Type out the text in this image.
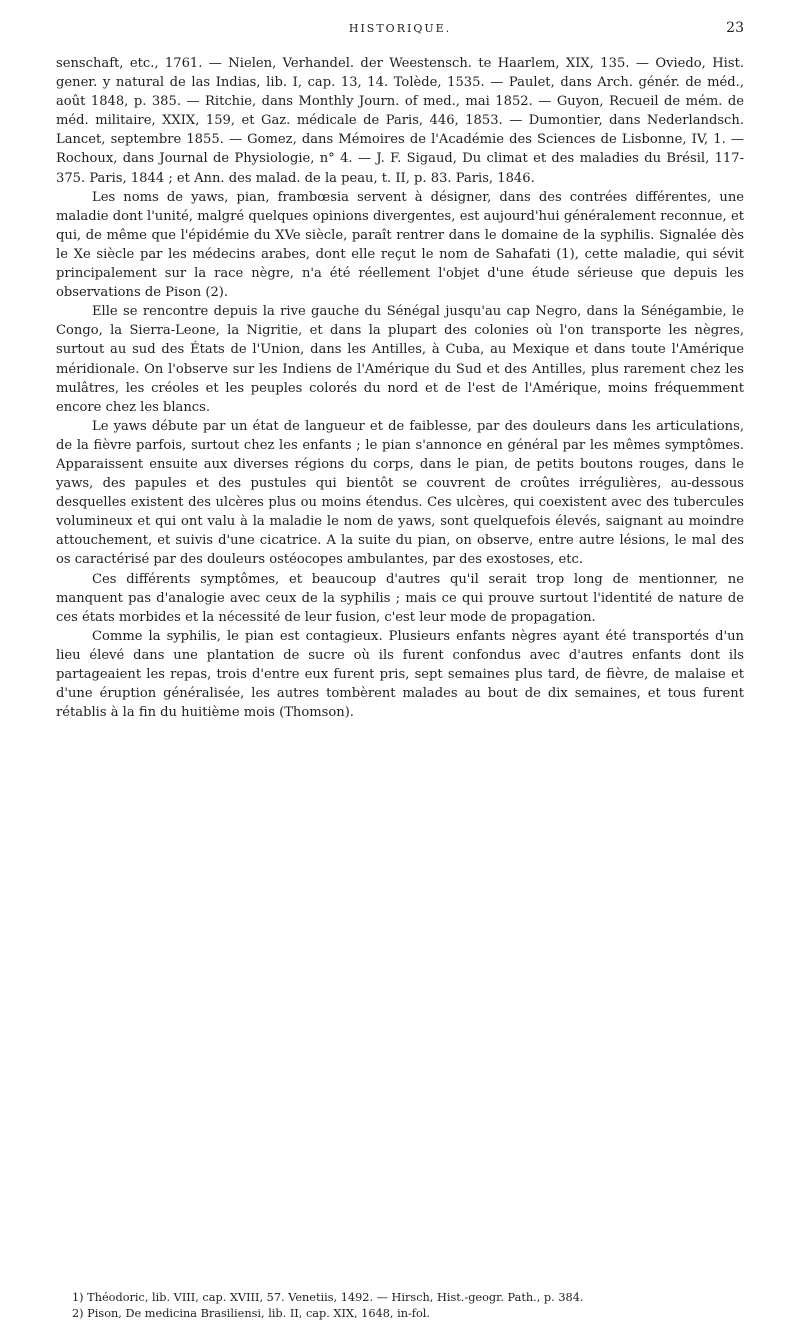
HISTORIQUE.	23

senschaft, etc., 1761. — Nielen, Verhandel. der Weestensch. te Haarlem, XIX, 135. — Oviedo, Hist. gener. y natural de las Indias, lib. I, cap. 13, 14. Tolède, 1535. — Paulet, dans Arch. génér. de méd., août 1848, p. 385. — Ritchie, dans Monthly Journ. of med., mai 1852. — Guyon, Recueil de mém. de méd. militaire, XXIX, 159, et Gaz. médicale de Paris, 446, 1853. — Dumontier, dans Nederlandsch. Lancet, septembre 1855. — Gomez, dans Mémoires de l'Académie des Sciences de Lisbonne, IV, 1. — Rochoux, dans Journal de Physiologie, n° 4. — J. F. Sigaud, Du climat et des maladies du Brésil, 117-375. Paris, 1844 ; et Ann. des malad. de la peau, t. II, p. 83. Paris, 1846.

Les noms de yaws, pian, frambœsia servent à désigner, dans des contrées différentes, une maladie dont l'unité, malgré quelques opinions divergentes, est aujourd'hui généralement reconnue, et qui, de même que l'épidémie du XVe siècle, paraît rentrer dans le domaine de la syphilis. Signalée dès le Xe siècle par les médecins arabes, dont elle reçut le nom de Sahafati (1), cette maladie, qui sévit principalement sur la race nègre, n'a été réellement l'objet d'une étude sérieuse que depuis les observations de Pison (2).

Elle se rencontre depuis la rive gauche du Sénégal jusqu'au cap Negro, dans la Sénégambie, le Congo, la Sierra-Leone, la Nigritie, et dans la plupart des colonies où l'on transporte les nègres, surtout au sud des États de l'Union, dans les Antilles, à Cuba, au Mexique et dans toute l'Amérique méridionale. On l'observe sur les Indiens de l'Amérique du Sud et des Antilles, plus rarement chez les mulâtres, les créoles et les peuples colorés du nord et de l'est de l'Amérique, moins fréquemment encore chez les blancs.

Le yaws débute par un état de langueur et de faiblesse, par des douleurs dans les articulations, de la fièvre parfois, surtout chez les enfants ; le pian s'annonce en général par les mêmes symptômes. Apparaissent ensuite aux diverses régions du corps, dans le pian, de petits boutons rouges, dans le yaws, des papules et des pustules qui bientôt se couvrent de croûtes irrégulières, au-dessous desquelles existent des ulcères plus ou moins étendus. Ces ulcères, qui coexistent avec des tubercules volumineux et qui ont valu à la maladie le nom de yaws, sont quelquefois élevés, saignant au moindre attouchement, et suivis d'une cicatrice. A la suite du pian, on observe, entre autre lésions, le mal des os caractérisé par des douleurs ostéocopes ambulantes, par des exostoses, etc.

Ces différents symptômes, et beaucoup d'autres qu'il serait trop long de mentionner, ne manquent pas d'analogie avec ceux de la syphilis ; mais ce qui prouve surtout l'identité de nature de ces états morbides et la nécessité de leur fusion, c'est leur mode de propagation.

Comme la syphilis, le pian est contagieux. Plusieurs enfants nègres ayant été transportés d'un lieu élevé dans une plantation de sucre où ils furent confondus avec d'autres enfants dont ils partageaient les repas, trois d'entre eux furent pris, sept semaines plus tard, de fièvre, de malaise et d'une éruption généralisée, les autres tombèrent malades au bout de dix semaines, et tous furent rétablis à la fin du huitième mois (Thomson).

1) Théodoric, lib. VIII, cap. XVIII, 57. Venetiis, 1492. — Hirsch, Hist.-geogr. Path., p. 384.

2) Pison, De medicina Brasiliensi, lib. II, cap. XIX, 1648, in-fol.
